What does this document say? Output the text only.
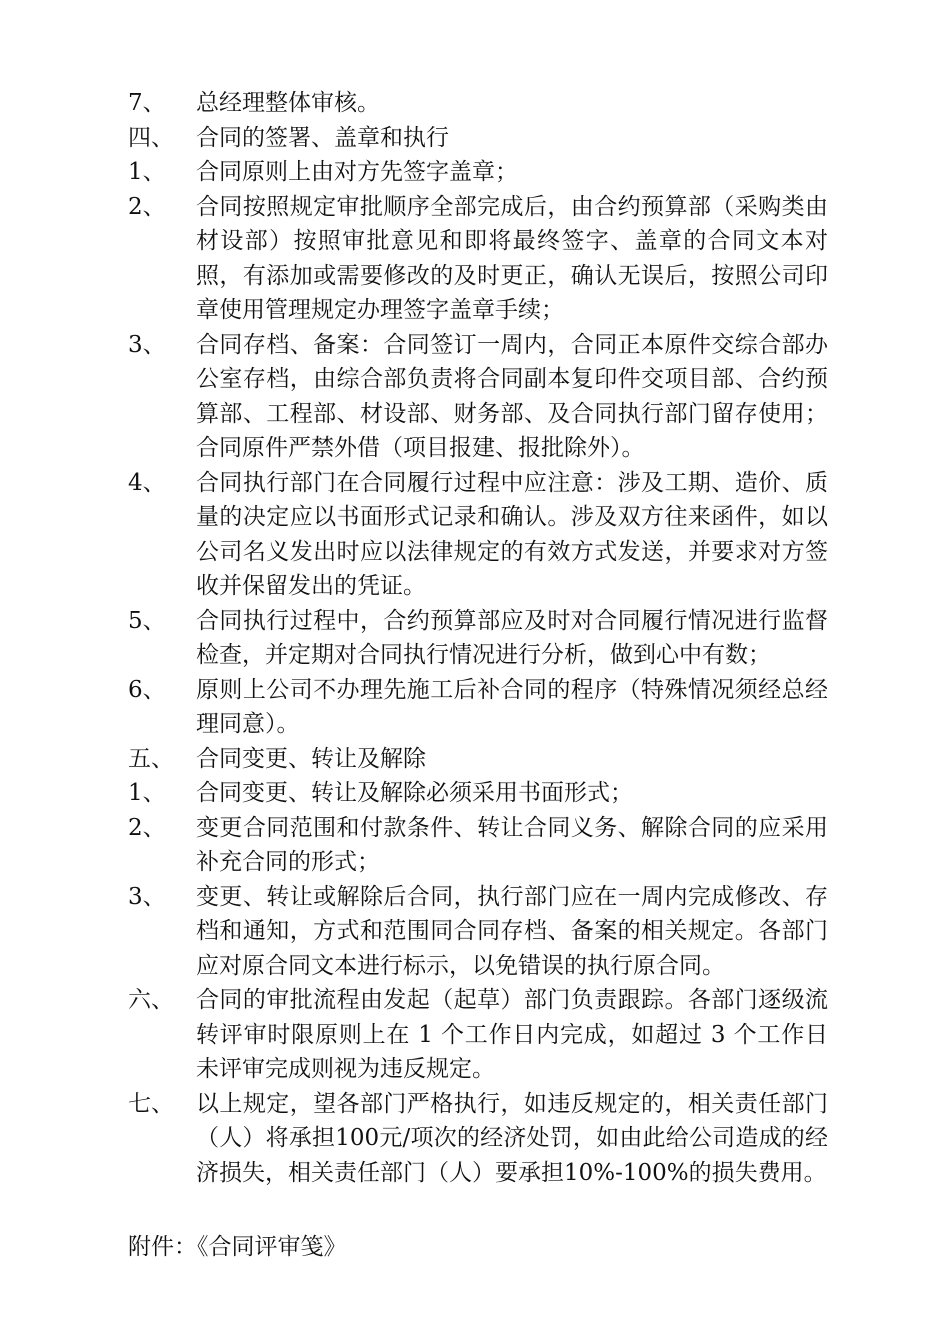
7、	总经理整体审核。
四、 合同的签署、盖章和执行
1、	合同原则上由对方先签字盖章；
2、	合同按照规定审批顺序全部完成后，由合约预算部（采购类由材设部）按照审批意见和即将最终签字、盖章的合同文本对照，有添加或需要修改的及时更正，确认无误后，按照公司印章使用管理规定办理签字盖章手续；
3、	合同存档、备案：合同签订一周内，合同正本原件交综合部办公室存档，由综合部负责将合同副本复印件交项目部、合约预算部、工程部、材设部、财务部、及合同执行部门留存使用；合同原件严禁外借（项目报建、报批除外）。
4、	合同执行部门在合同履行过程中应注意：涉及工期、造价、质量的决定应以书面形式记录和确认。涉及双方往来函件，如以公司名义发出时应以法律规定的有效方式发送，并要求对方签收并保留发出的凭证。
5、	合同执行过程中，合约预算部应及时对合同履行情况进行监督检查，并定期对合同执行情况进行分析，做到心中有数；
6、	原则上公司不办理先施工后补合同的程序（特殊情况须经总经理同意）。
五、 合同变更、转让及解除
1、	合同变更、转让及解除必须采用书面形式；
2、	变更合同范围和付款条件、转让合同义务、解除合同的应采用补充合同的形式；
3、	变更、转让或解除后合同，执行部门应在一周内完成修改、存档和通知，方式和范围同合同存档、备案的相关规定。各部门应对原合同文本进行标示，以免错误的执行原合同。
六、 合同的审批流程由发起（起草）部门负责跟踪。各部门逐级流转评审时限原则上在 1 个工作日内完成，如超过 3 个工作日未评审完成则视为违反规定。
七、 以上规定，望各部门严格执行，如违反规定的，相关责任部门（人）将承担100元/项次的经济处罚，如由此给公司造成的经济损失，相关责任部门（人）要承担10%-100%的损失费用。
附件：《合同评审笺》
